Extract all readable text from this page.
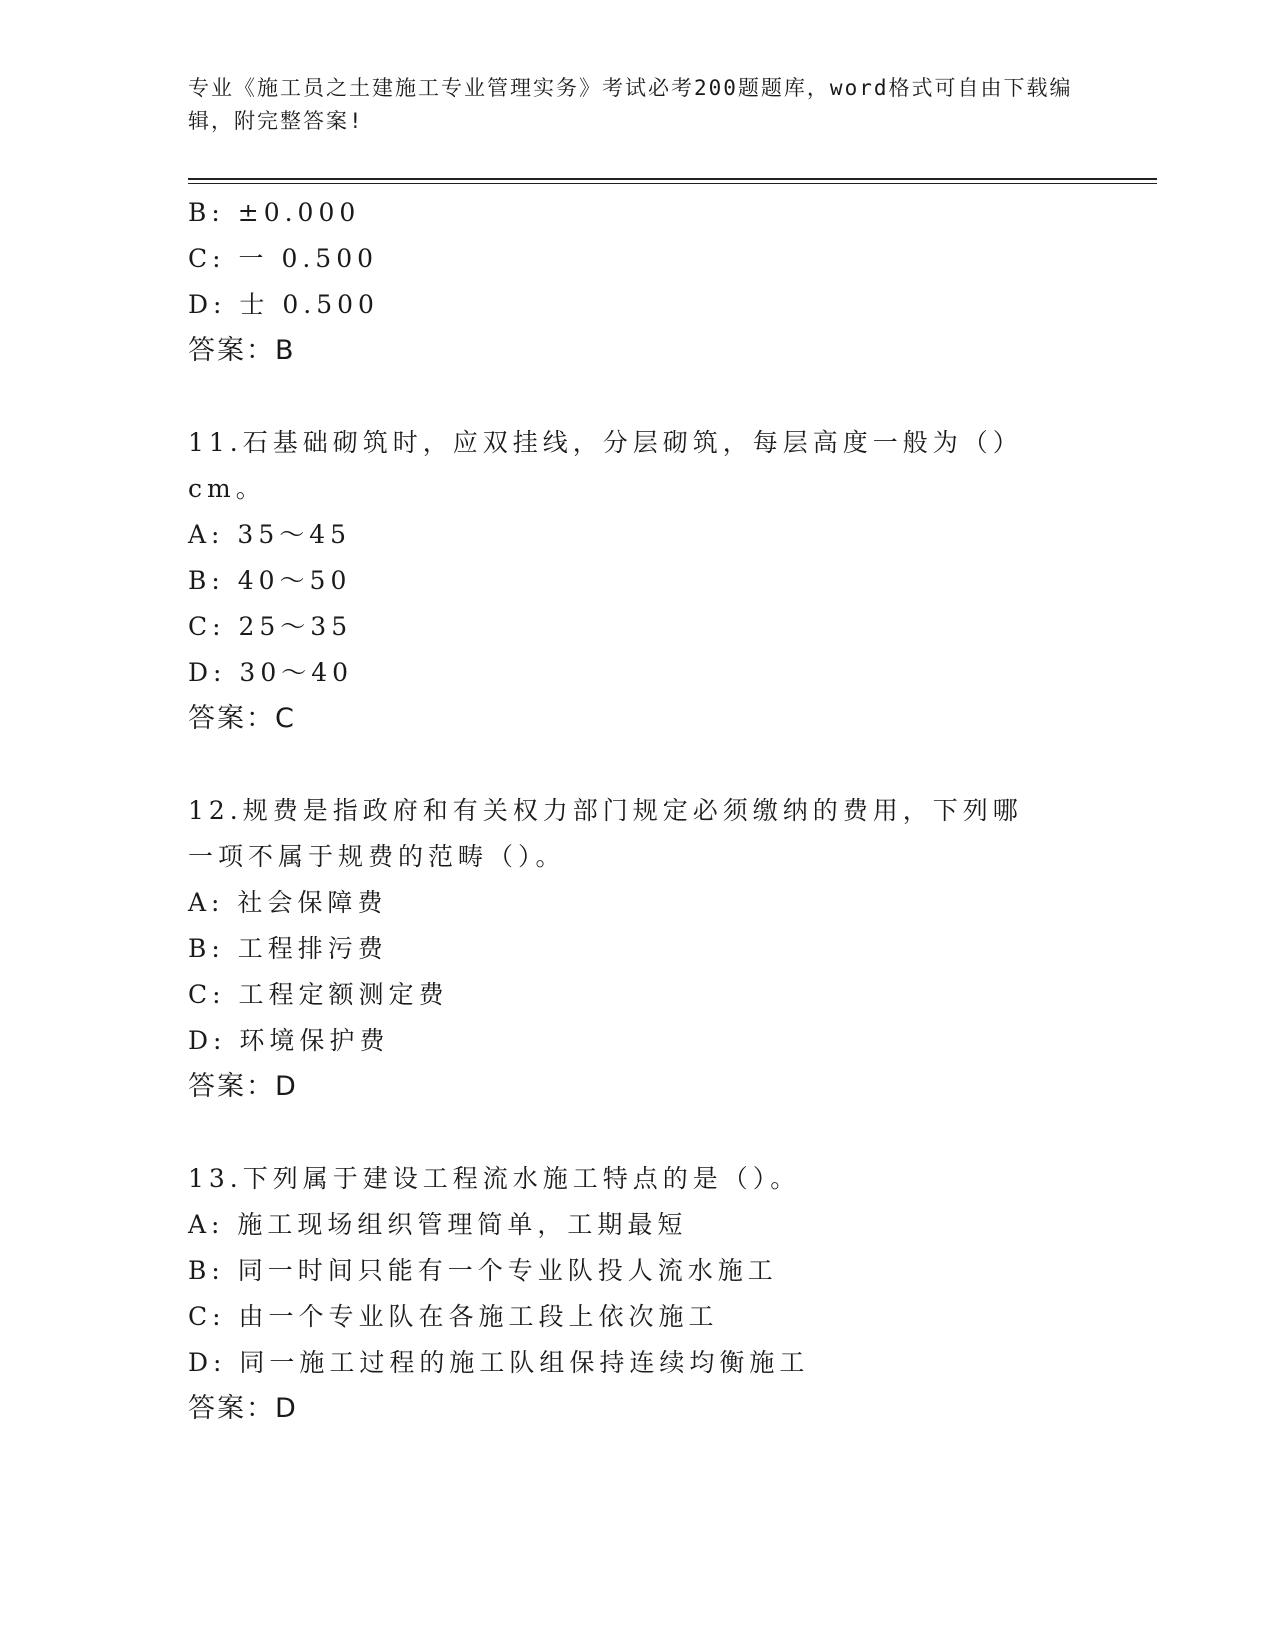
专业《施工员之土建施工专业管理实务》考试必考200题题库，word格式可自由下载编辑，附完整答案!

B: ±0.000

C: 一 0.500

D: 士 0.500

答案：B

11.石基础砌筑时，应双挂线，分层砌筑，每层高度一般为（）cm。

A: 35～45

B: 40～50

C: 25～35

D: 30～40

答案：C

12.规费是指政府和有关权力部门规定必须缴纳的费用，下列哪一项不属于规费的范畴（）。

A: 社会保障费

B: 工程排污费

C: 工程定额测定费

D: 环境保护费

答案：D

13.下列属于建设工程流水施工特点的是（）。

A: 施工现场组织管理简单，工期最短

B: 同一时间只能有一个专业队投人流水施工

C: 由一个专业队在各施工段上依次施工

D: 同一施工过程的施工队组保持连续均衡施工

答案：D
